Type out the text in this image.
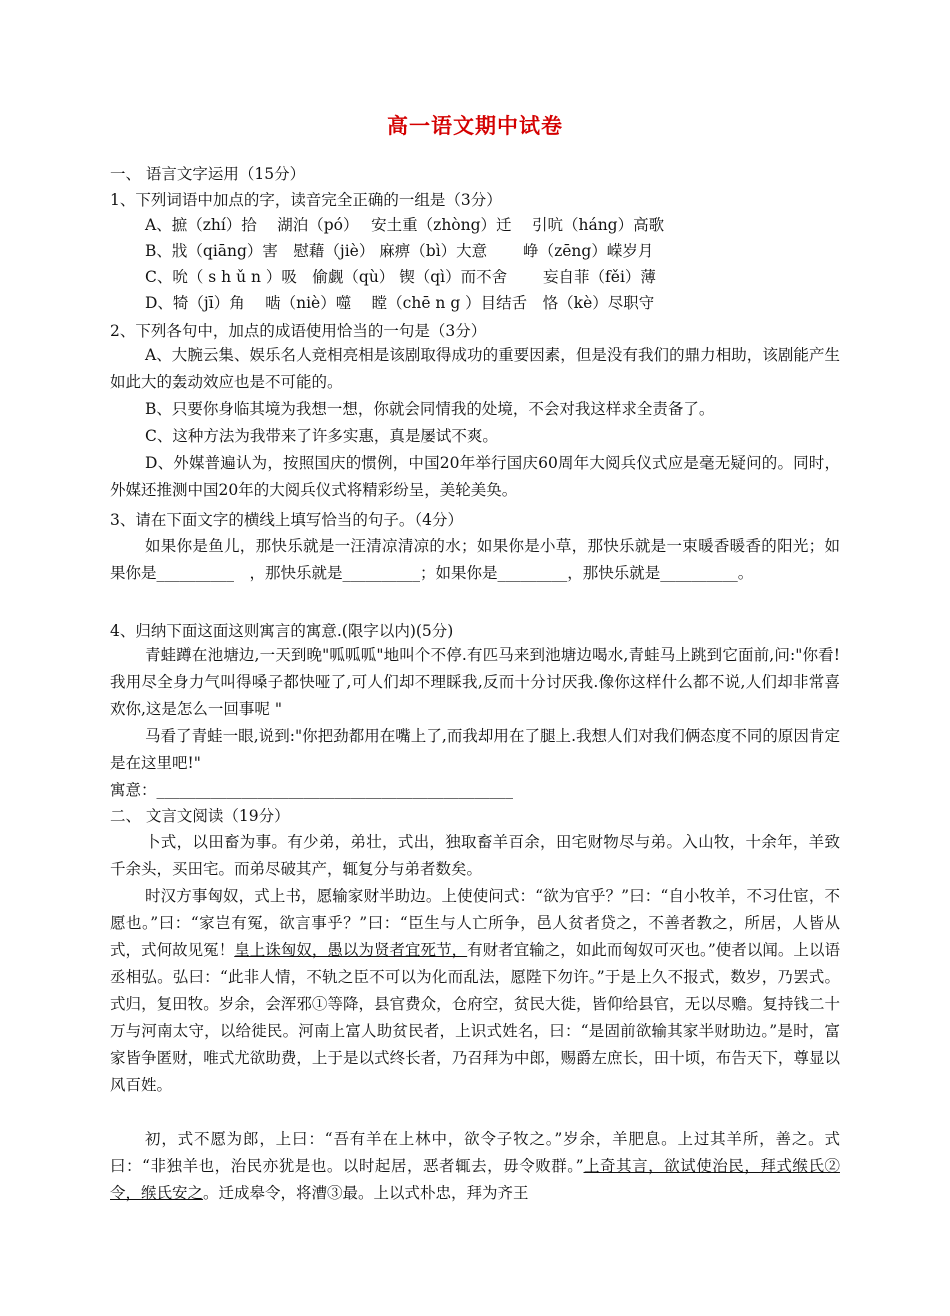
高一语文期中试卷
一、 语言文字运用（15分）
1、下列词语中加点的字，读音完全正确的一组是（3分）
A、摭（zhí）拾　 湖泊（pó）　 安土重（zhòng）迁　 引吭（háng）高歌
B、戕（qiāng）害　慰藉（jiè） 麻痹（bì）大意　　 峥（zēng）嵘岁月
C、吮（ s h ǔ n ）吸　偷觑（qù） 锲（qì）而不舍　　 妄自菲（fěi）薄
D、犄（jī）角　 啮（niè）噬　 瞠（chē n g ）目结舌　恪（kè）尽职守
2、下列各句中，加点的成语使用恰当的一句是（3分）
A、大腕云集、娱乐名人竞相亮相是该剧取得成功的重要因素，但是没有我们的鼎力相助，该剧能产生如此大的轰动效应也是不可能的。
B、只要你身临其境为我想一想，你就会同情我的处境，不会对我这样求全责备了。
C、这种方法为我带来了许多实惠，真是屡试不爽。
D、外媒普遍认为，按照国庆的惯例，中国20年举行国庆60周年大阅兵仪式应是毫无疑问的。同时，外媒还推测中国20年的大阅兵仪式将精彩纷呈，美轮美奂。
3、请在下面文字的横线上填写恰当的句子。（4分）
如果你是鱼儿，那快乐就是一汪清凉清凉的水；如果你是小草，那快乐就是一束暖香暖香的阳光；如果你是__________　，那快乐就是__________；如果你是_________，那快乐就是__________。
4、归纳下面这面这则寓言的寓意.(限字以内)(5分)
青蛙蹲在池塘边,一天到晚"呱呱呱"地叫个不停.有匹马来到池塘边喝水,青蛙马上跳到它面前,问:"你看!我用尽全身力气叫得嗓子都快哑了,可人们却不理睬我,反而十分讨厌我.像你这样什么都不说,人们却非常喜欢你,这是怎么一回事呢 "
马看了青蛙一眼,说到:"你把劲都用在嘴上了,而我却用在了腿上.我想人们对我们俩态度不同的原因肯定是在这里吧!"
寓意：______________________________________________
二、 文言文阅读（19分）
卜式，以田畜为事。有少弟，弟壮，式出，独取畜羊百余，田宅财物尽与弟。入山牧，十余年，羊致千余头，买田宅。而弟尽破其产，辄复分与弟者数矣。
时汉方事匈奴，式上书，愿输家财半助边。上使使问式：“欲为官乎？”曰：“自小牧羊，不习仕宦，不愿也。”曰：“家岂有冤，欲言事乎？”曰：“臣生与人亡所争，邑人贫者贷之，不善者教之，所居，人皆从式，式何故见冤！皇上诛匈奴，愚以为贤者宜死节，有财者宜输之，如此而匈奴可灭也。”使者以闻。上以语丞相弘。弘曰：“此非人情，不轨之臣不可以为化而乱法，愿陛下勿许。”于是上久不报式，数岁，乃罢式。式归，复田牧。岁余，会浑邪①等降，县官费众，仓府空，贫民大徙，皆仰给县官，无以尽赡。复持钱二十万与河南太守，以给徙民。河南上富人助贫民者，上识式姓名，曰：“是固前欲输其家半财助边。”是时，富家皆争匿财，唯式尤欲助费，上于是以式终长者，乃召拜为中郎，赐爵左庶长，田十顷，布告天下，尊显以风百姓。
初，式不愿为郎，上曰：“吾有羊在上林中，欲令子牧之。”岁余，羊肥息。上过其羊所，善之。式曰：“非独羊也，治民亦犹是也。以时起居，恶者辄去，毋令败群。”上奇其言，欲试使治民，拜式缑氏②令，缑氏安之。迁成皋令，将漕③最。上以式朴忠，拜为齐王
